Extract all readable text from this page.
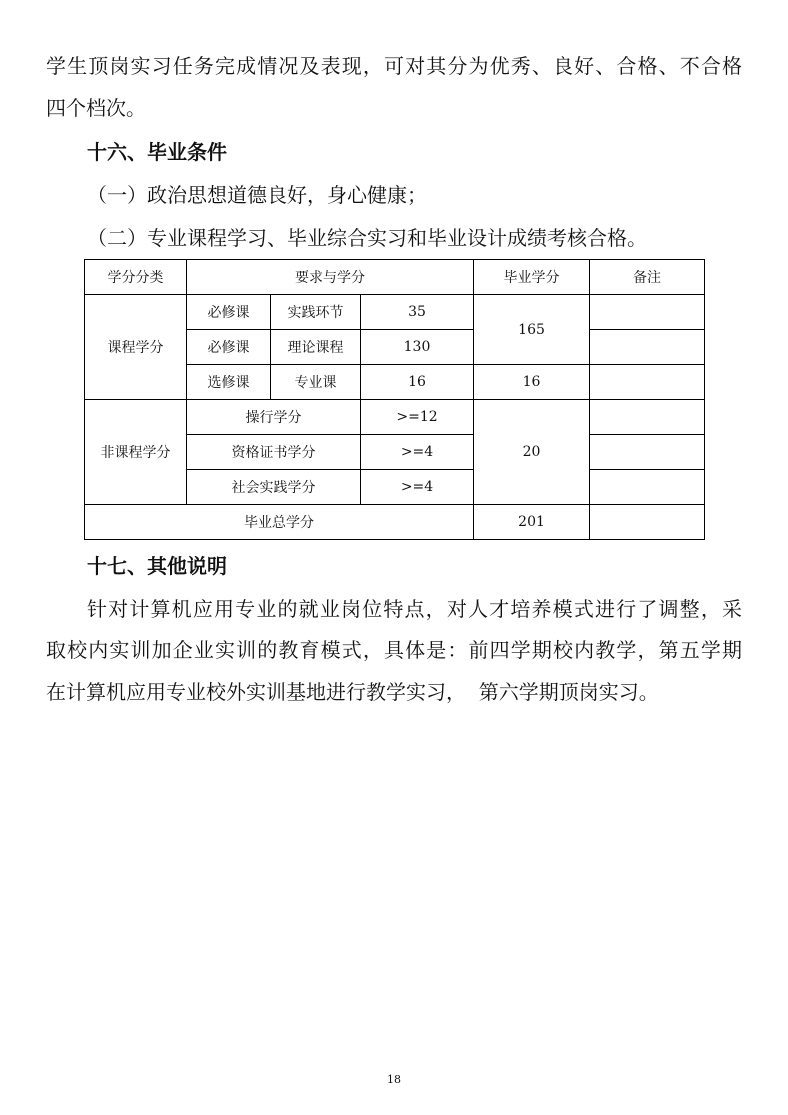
学生顶岗实习任务完成情况及表现，可对其分为优秀、良好、合格、不合格
四个档次。
十六、毕业条件
（一）政治思想道德良好，身心健康；
（二）专业课程学习、毕业综合实习和毕业设计成绩考核合格。
学分分类	要求与学分			毕业学分	备注
课程学分	必修课	实践环节	35	165	
	必修课	理论课程	130		
	选修课	专业课	16	16	
非课程学分	操行学分		>=12	20	
	资格证书学分		>=4		
	社会实践学分		>=4		
毕业总学分				201	
十七、其他说明
针对计算机应用专业的就业岗位特点，对人才培养模式进行了调整，采
取校内实训加企业实训的教育模式，具体是：前四学期校内教学，第五学期
在计算机应用专业校外实训基地进行教学实习，  第六学期顶岗实习。
18
